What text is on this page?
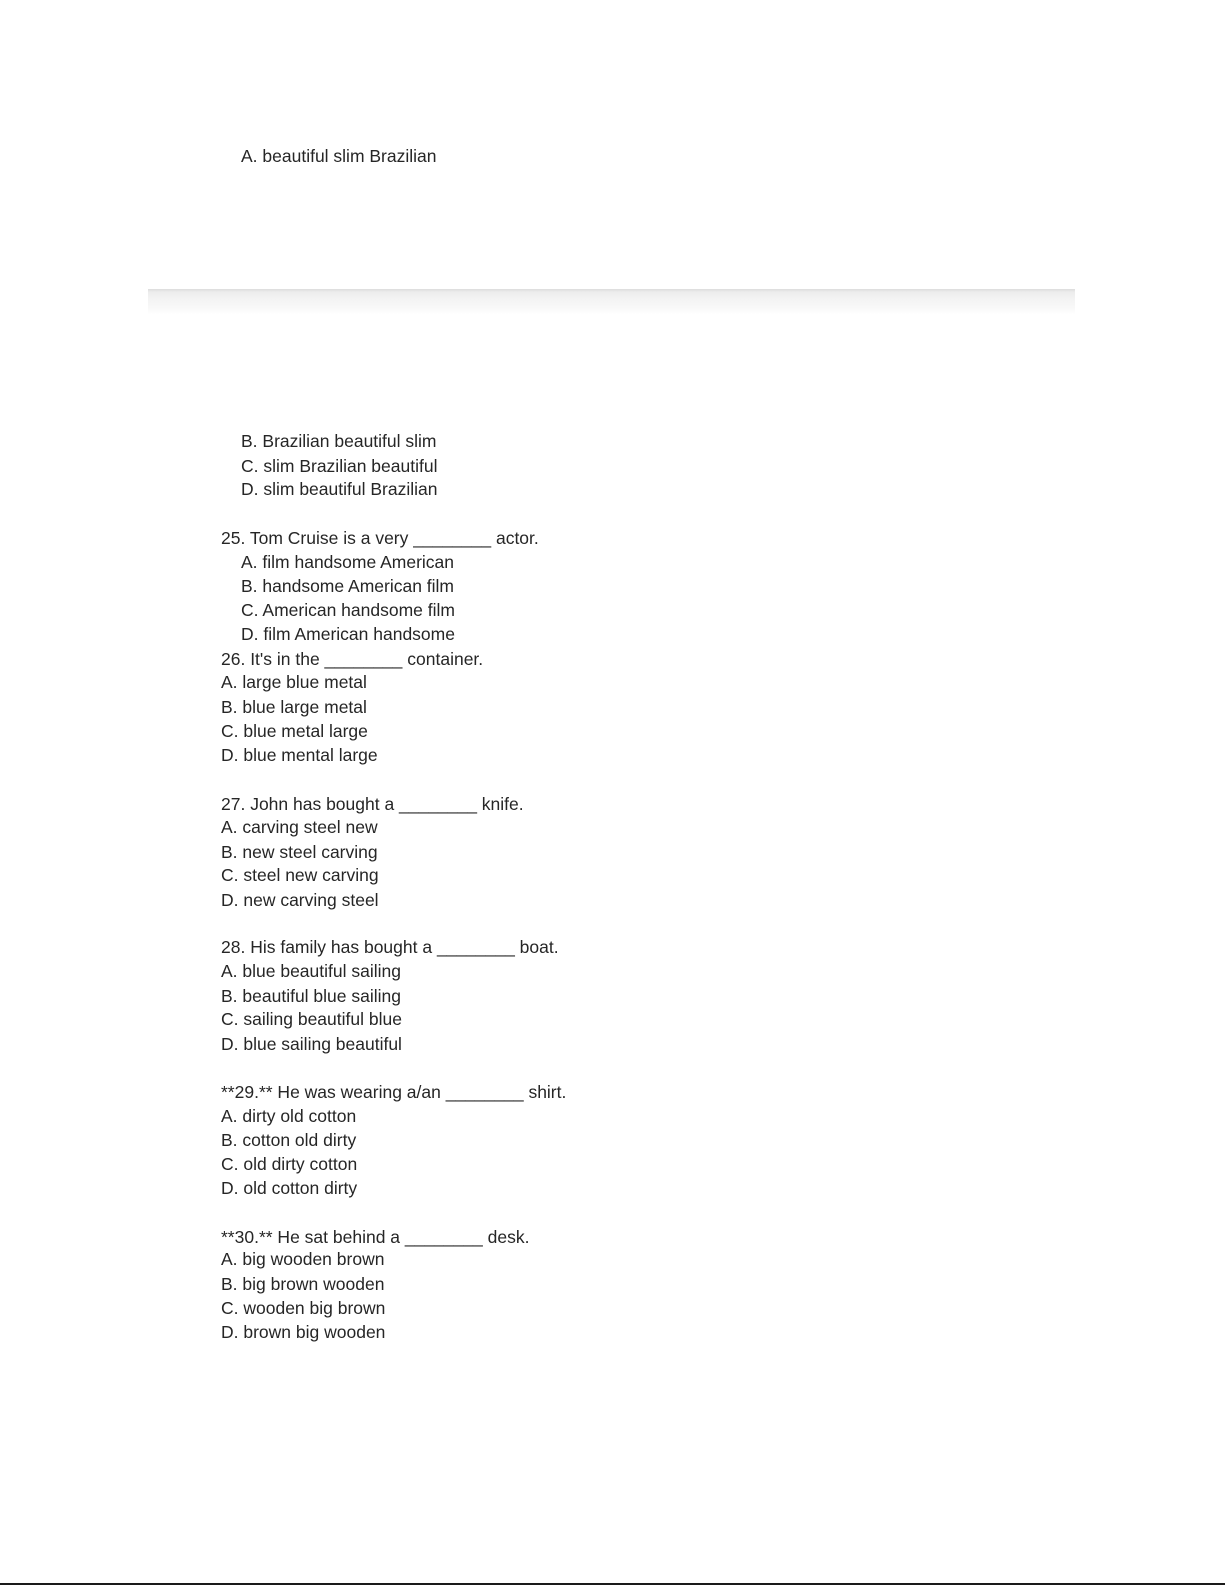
A. beautiful slim Brazilian
B. Brazilian beautiful slim
C. slim Brazilian beautiful
D. slim beautiful Brazilian
25. Tom Cruise is a very ________ actor.
A. film handsome American
B. handsome American film
C. American handsome film
D. film American handsome
26. It's in the ________ container.
A. large blue metal
B. blue large metal
C. blue metal large
D. blue mental large
27. John has bought a ________ knife.
A. carving steel new
B. new steel carving
C. steel new carving
D. new carving steel
28. His family has bought a ________ boat.
A. blue beautiful sailing
B. beautiful blue sailing
C. sailing beautiful blue
D. blue sailing beautiful
**29.** He was wearing a/an ________ shirt.
A. dirty old cotton
B. cotton old dirty
C. old dirty cotton
D. old cotton dirty
**30.** He sat behind a ________ desk.
A. big wooden brown
B. big brown wooden
C. wooden big brown
D. brown big wooden
